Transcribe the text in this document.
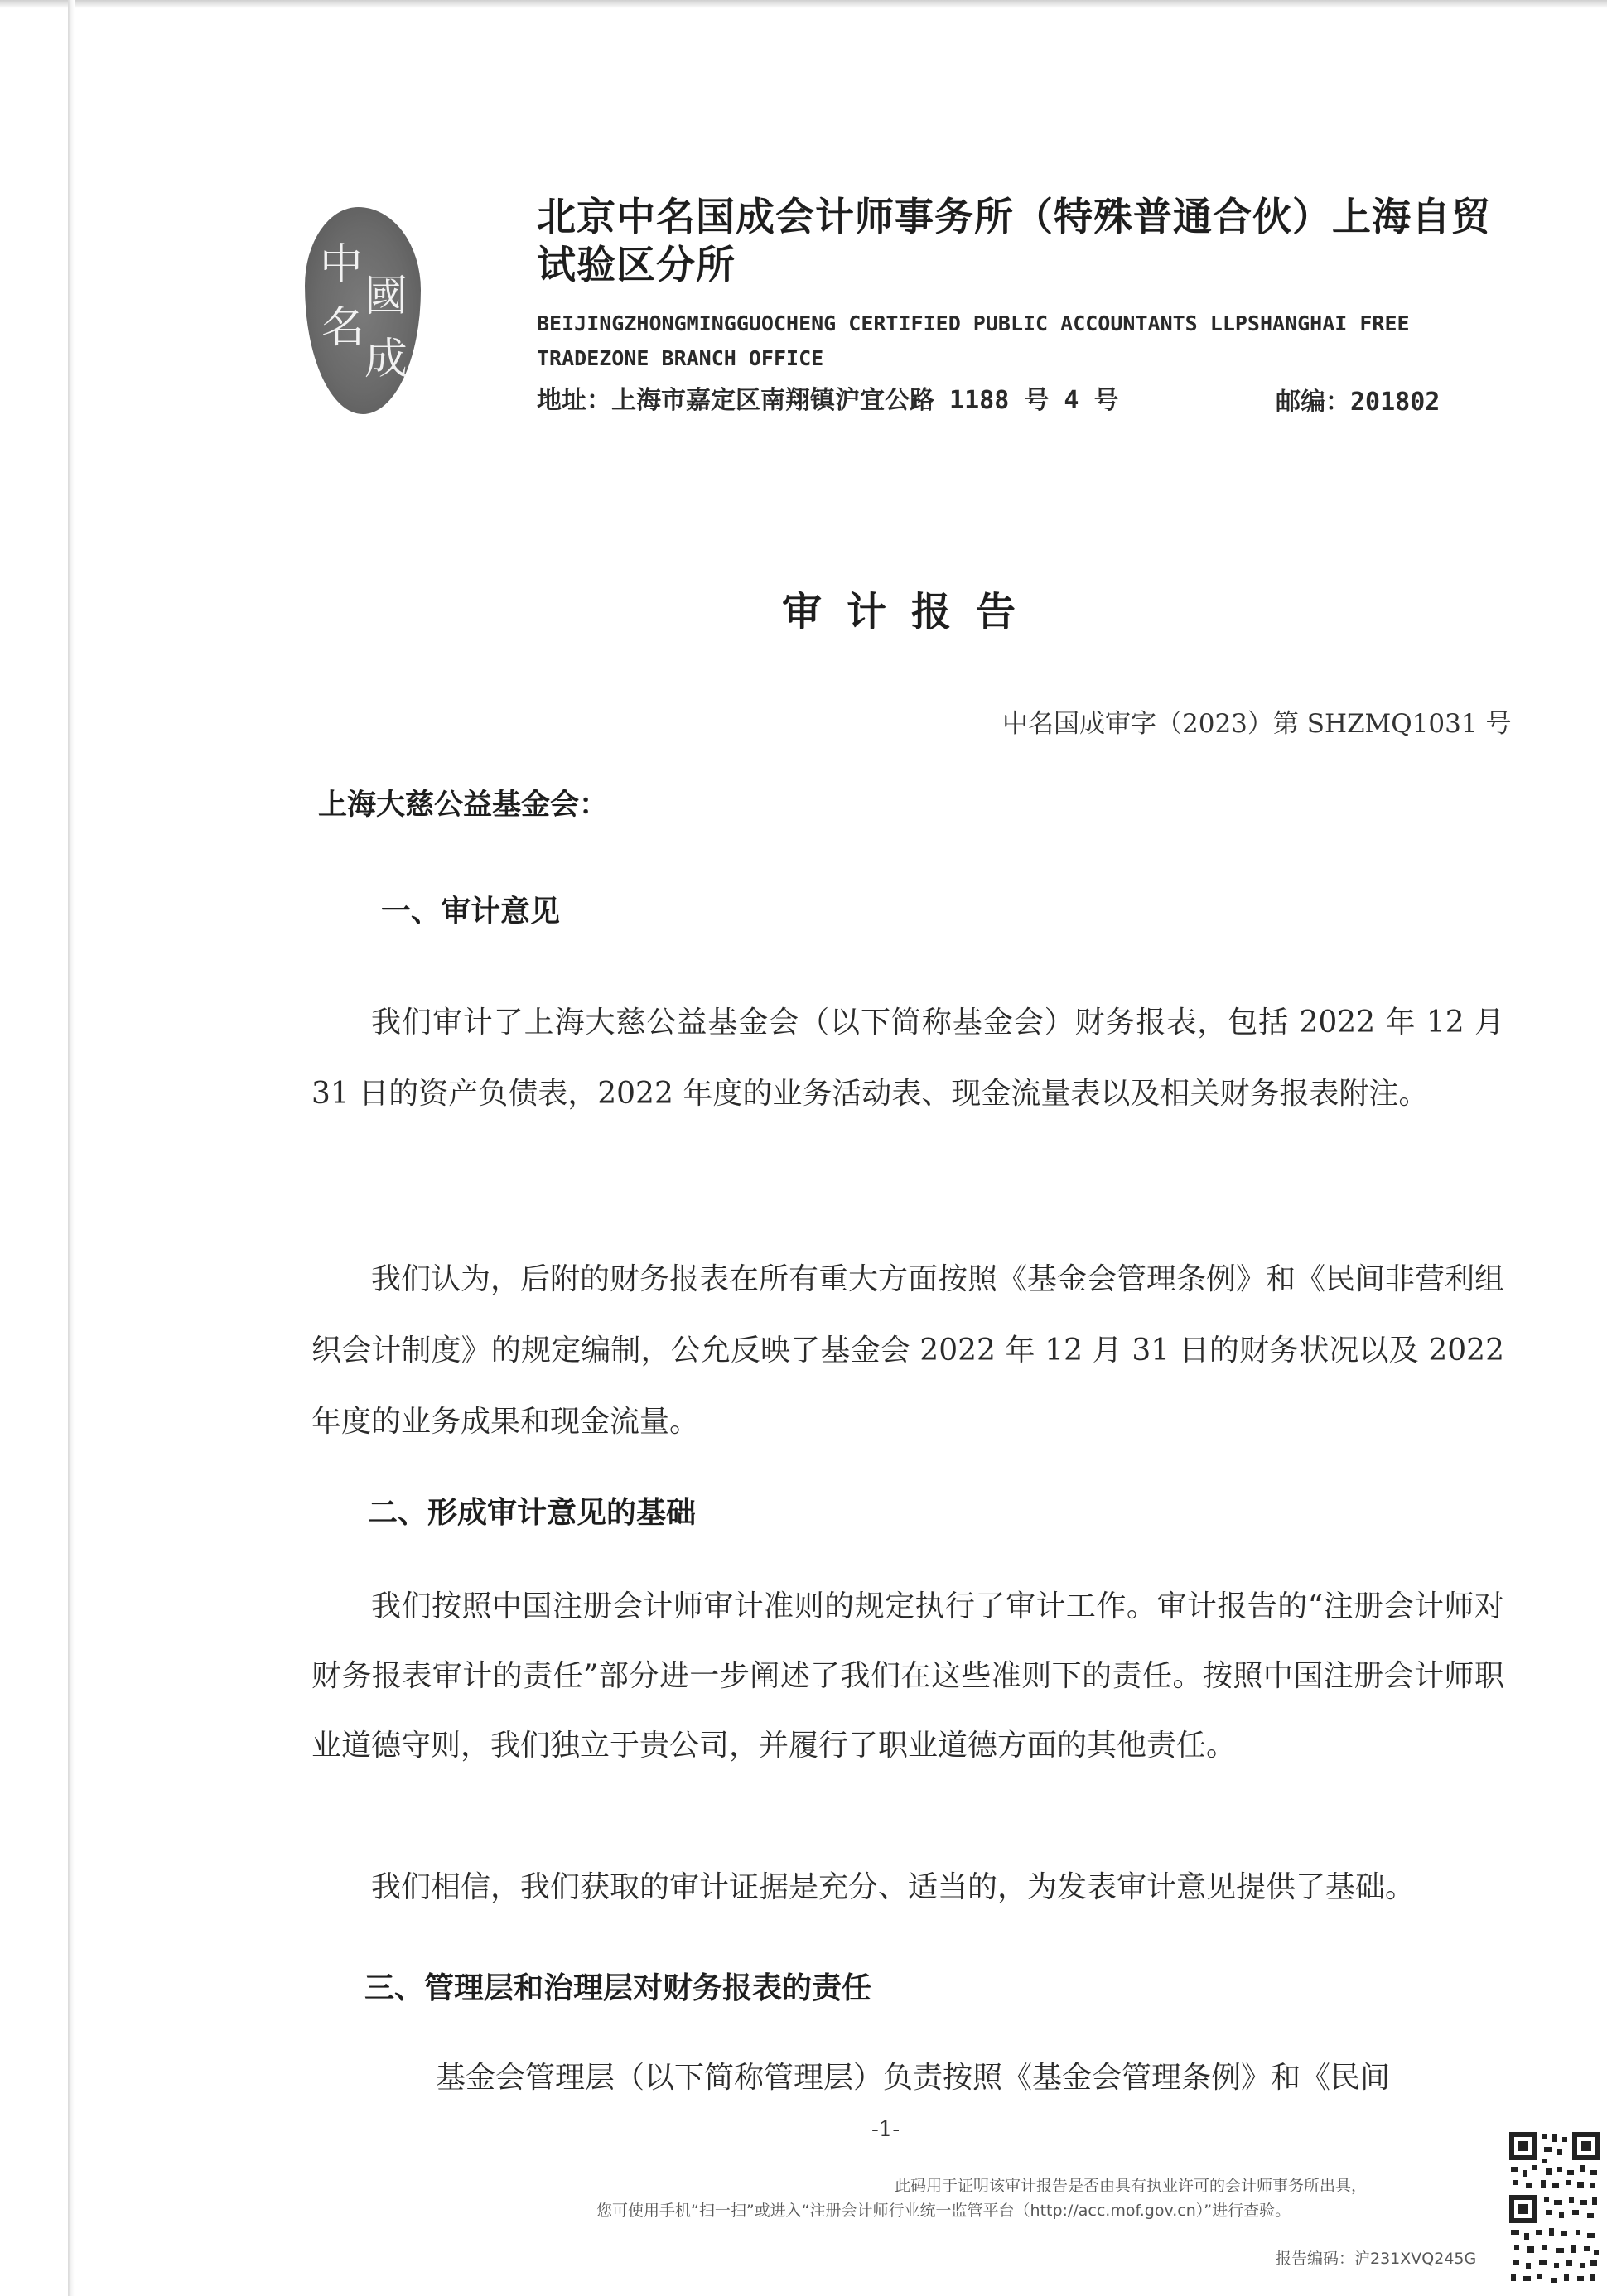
中
名
國
成
北京中名国成会计师事务所（特殊普通合伙）上海自贸试验区分所
BEIJINGZHONGMINGGUOCHENG CERTIFIED PUBLIC ACCOUNTANTS LLPSHANGHAI FREE TRADEZONE BRANCH OFFICE
地址：上海市嘉定区南翔镇沪宜公路 1188 号 4 号	邮编：201802
审计报告
中名国成审字（2023）第 SHZMQ1031 号
上海大慈公益基金会：
一、审计意见

我们审计了上海大慈公益基金会（以下简称基金会）财务报表，包括 2022 年 12 月 31 日的资产负债表，2022 年度的业务活动表、现金流量表以及相关财务报表附注。

我们认为，后附的财务报表在所有重大方面按照《基金会管理条例》和《民间非营利组织会计制度》的规定编制，公允反映了基金会 2022 年 12 月 31 日的财务状况以及 2022 年度的业务成果和现金流量。

二、形成审计意见的基础

我们按照中国注册会计师审计准则的规定执行了审计工作。审计报告的“注册会计师对财务报表审计的责任”部分进一步阐述了我们在这些准则下的责任。按照中国注册会计师职业道德守则，我们独立于贵公司，并履行了职业道德方面的其他责任。

我们相信，我们获取的审计证据是充分、适当的，为发表审计意见提供了基础。

三、管理层和治理层对财务报表的责任

基金会管理层（以下简称管理层）负责按照《基金会管理条例》和《民间

-1-
此码用于证明该审计报告是否由具有执业许可的会计师事务所出具，
您可使用手机“扫一扫”或进入“注册会计师行业统一监管平台（http://acc.mof.gov.cn）”进行查验。
报告编码：沪231XVQ245G
